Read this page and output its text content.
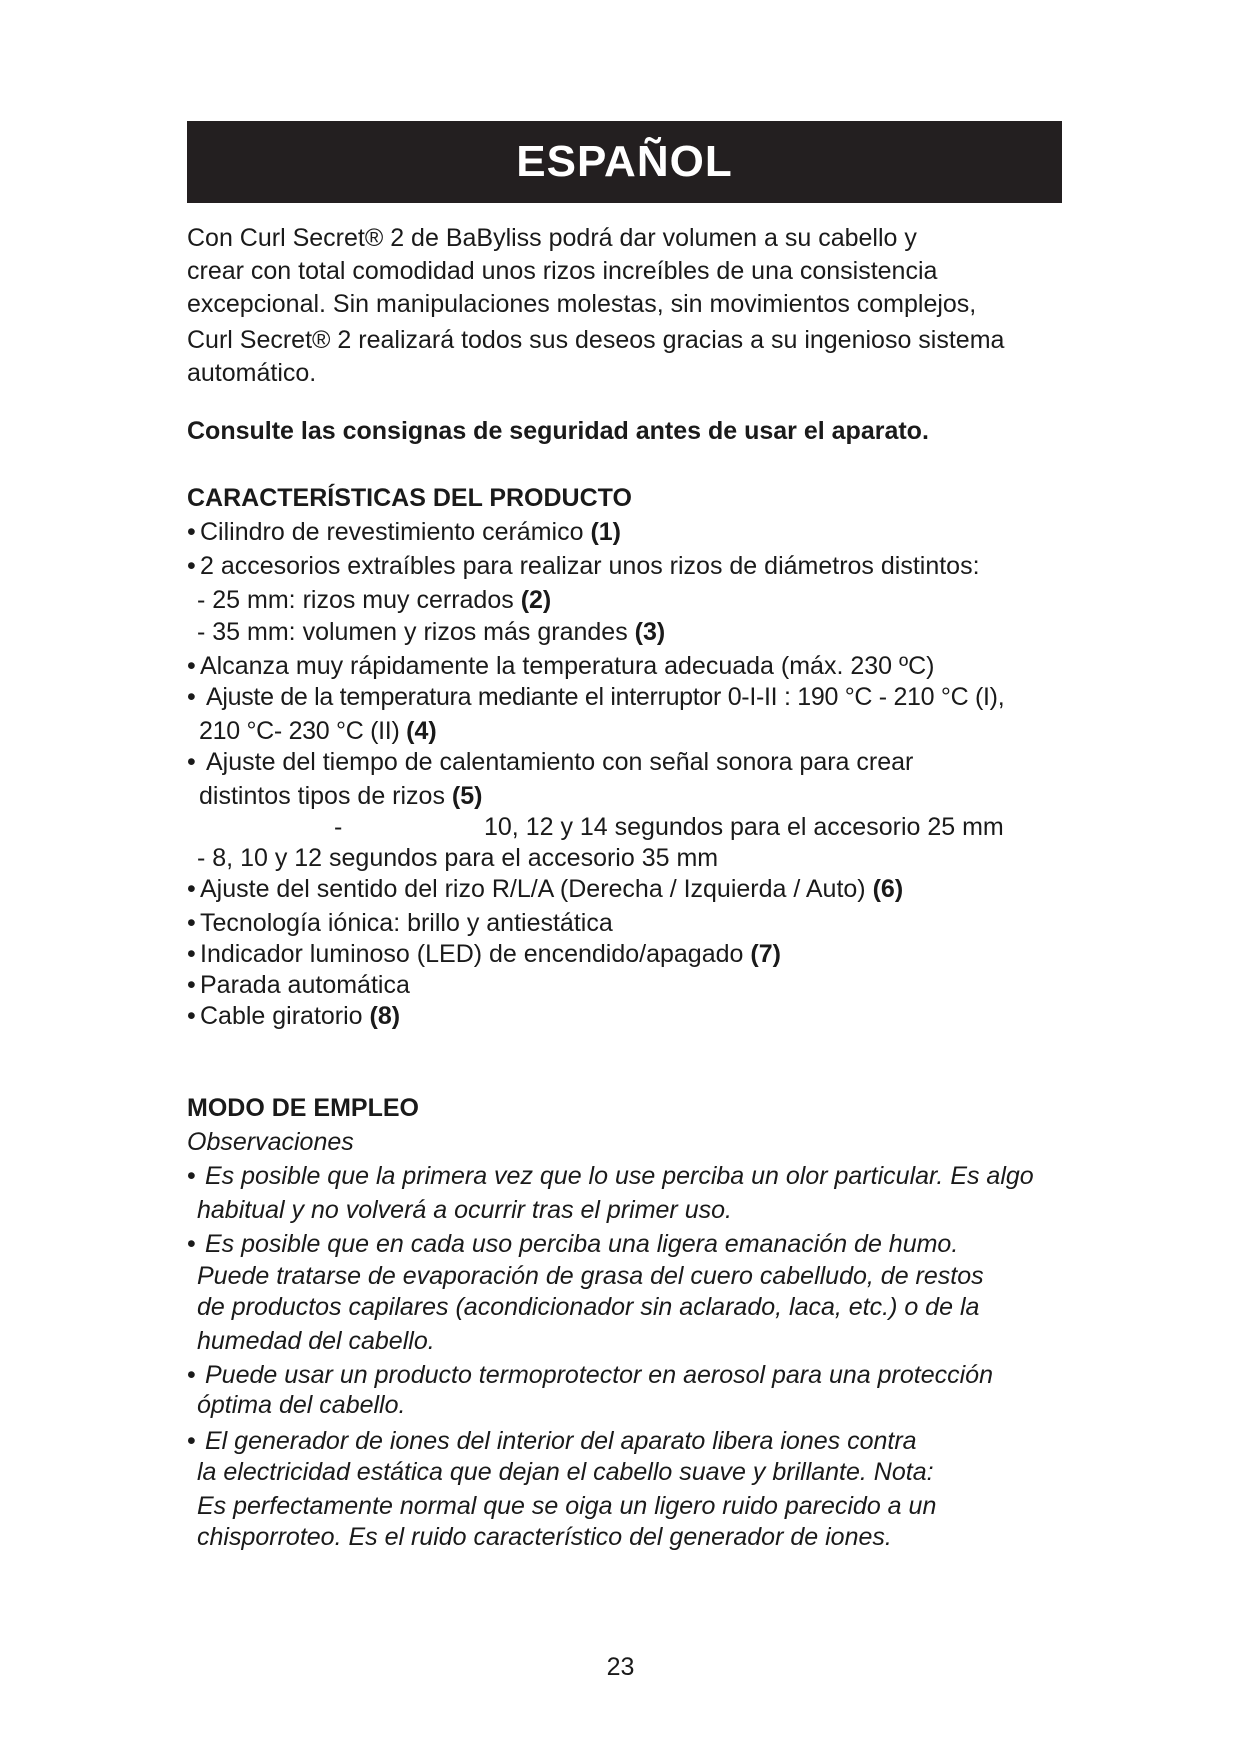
ESPAÑOL

Con Curl Secret® 2 de BaByliss podrá dar volumen a su cabello y

crear con total comodidad unos rizos increíbles de una consistencia

excepcional. Sin manipulaciones molestas, sin movimientos complejos,

Curl Secret® 2 realizará todos sus deseos gracias a su ingenioso sistema

automático.

Consulte las consignas de seguridad antes de usar el aparato.
CARACTERÍSTICAS DEL PRODUCTO
• Cilindro de revestimiento cerámico (1)
• 2 accesorios extraíbles para realizar unos rizos de diámetros distintos:
- 25 mm: rizos muy cerrados (2)
- 35 mm: volumen y rizos más grandes (3)
• Alcanza muy rápidamente la temperatura adecuada (máx. 230 ºC)
• Ajuste de la temperatura mediante el interruptor 0-I-II : 190 °C - 210 °C (I),
210 °C- 230 °C (II) (4)
• Ajuste del tiempo de calentamiento con señal sonora para crear
distintos tipos de rizos (5)
-	10, 12 y 14 segundos para el accesorio 25 mm
- 8, 10 y 12 segundos para el accesorio 35 mm
• Ajuste del sentido del rizo R/L/A (Derecha / Izquierda / Auto) (6)
• Tecnología iónica: brillo y antiestática
• Indicador luminoso (LED) de encendido/apagado (7)
• Parada automática
• Cable giratorio (8)
MODO DE EMPLEO
Observaciones
• Es posible que la primera vez que lo use perciba un olor particular. Es algo
habitual y no volverá a ocurrir tras el primer uso.
• Es posible que en cada uso perciba una ligera emanación de humo.
Puede tratarse de evaporación de grasa del cuero cabelludo, de restos
de productos capilares (acondicionador sin aclarado, laca, etc.) o de la
humedad del cabello.
• Puede usar un producto termoprotector en aerosol para una protección
óptima del cabello.
• El generador de iones del interior del aparato libera iones contra
la electricidad estática que dejan el cabello suave y brillante. Nota:
Es perfectamente normal que se oiga un ligero ruido parecido a un
chisporroteo. Es el ruido característico del generador de iones.
23
